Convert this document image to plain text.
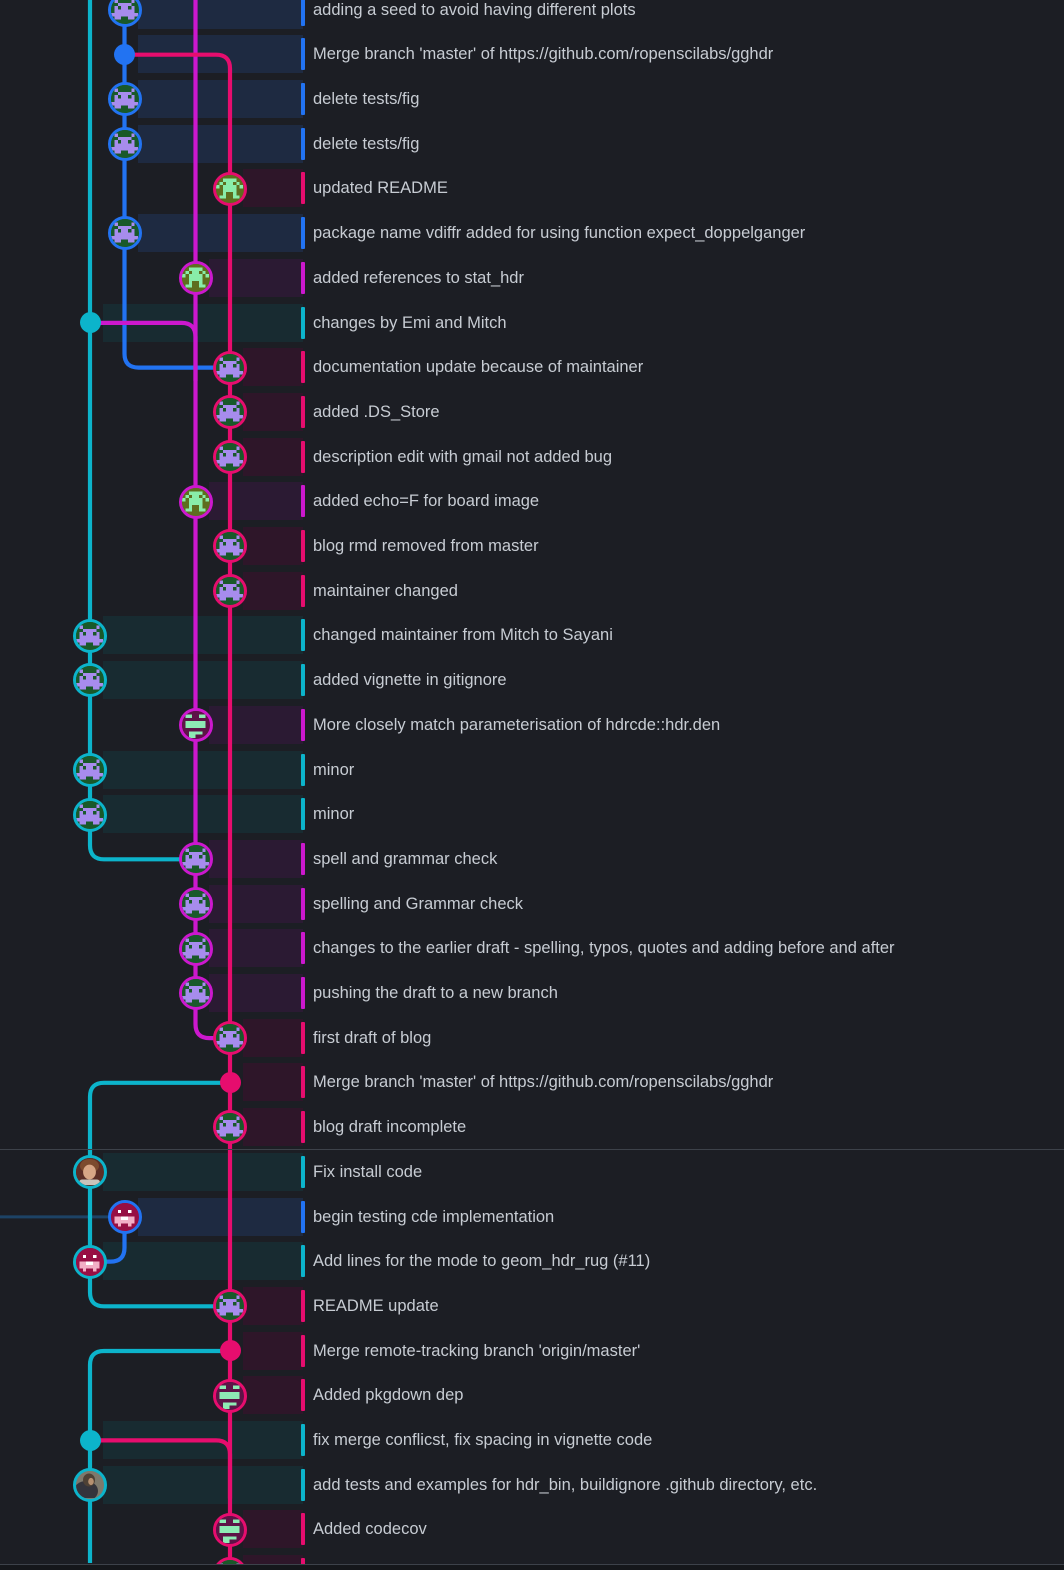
adding a seed to avoid having different plots
Merge branch 'master' of https://github.com/ropenscilabs/gghdr
delete tests/fig
delete tests/fig
updated README
package name vdiffr added for using function expect_doppelganger
added references to stat_hdr
changes by Emi and Mitch
documentation update because of maintainer
added .DS_Store
description edit with gmail not added bug
added echo=F for board image
blog rmd removed from master
maintainer changed
changed maintainer from Mitch to Sayani
added vignette in gitignore
More closely match parameterisation of hdrcde::hdr.den
minor
minor
spell and grammar check
spelling and Grammar check
changes to the earlier draft - spelling, typos, quotes and adding before and after
pushing the draft to a new branch
first draft of blog
Merge branch 'master' of https://github.com/ropenscilabs/gghdr
blog draft incomplete
Fix install code
begin testing cde implementation
Add lines for the mode to geom_hdr_rug (#11)
README update
Merge remote-tracking branch 'origin/master'
Added pkgdown dep
fix merge conflicst, fix spacing in vignette code
add tests and examples for hdr_bin, buildignore .github directory, etc.
Added codecov
